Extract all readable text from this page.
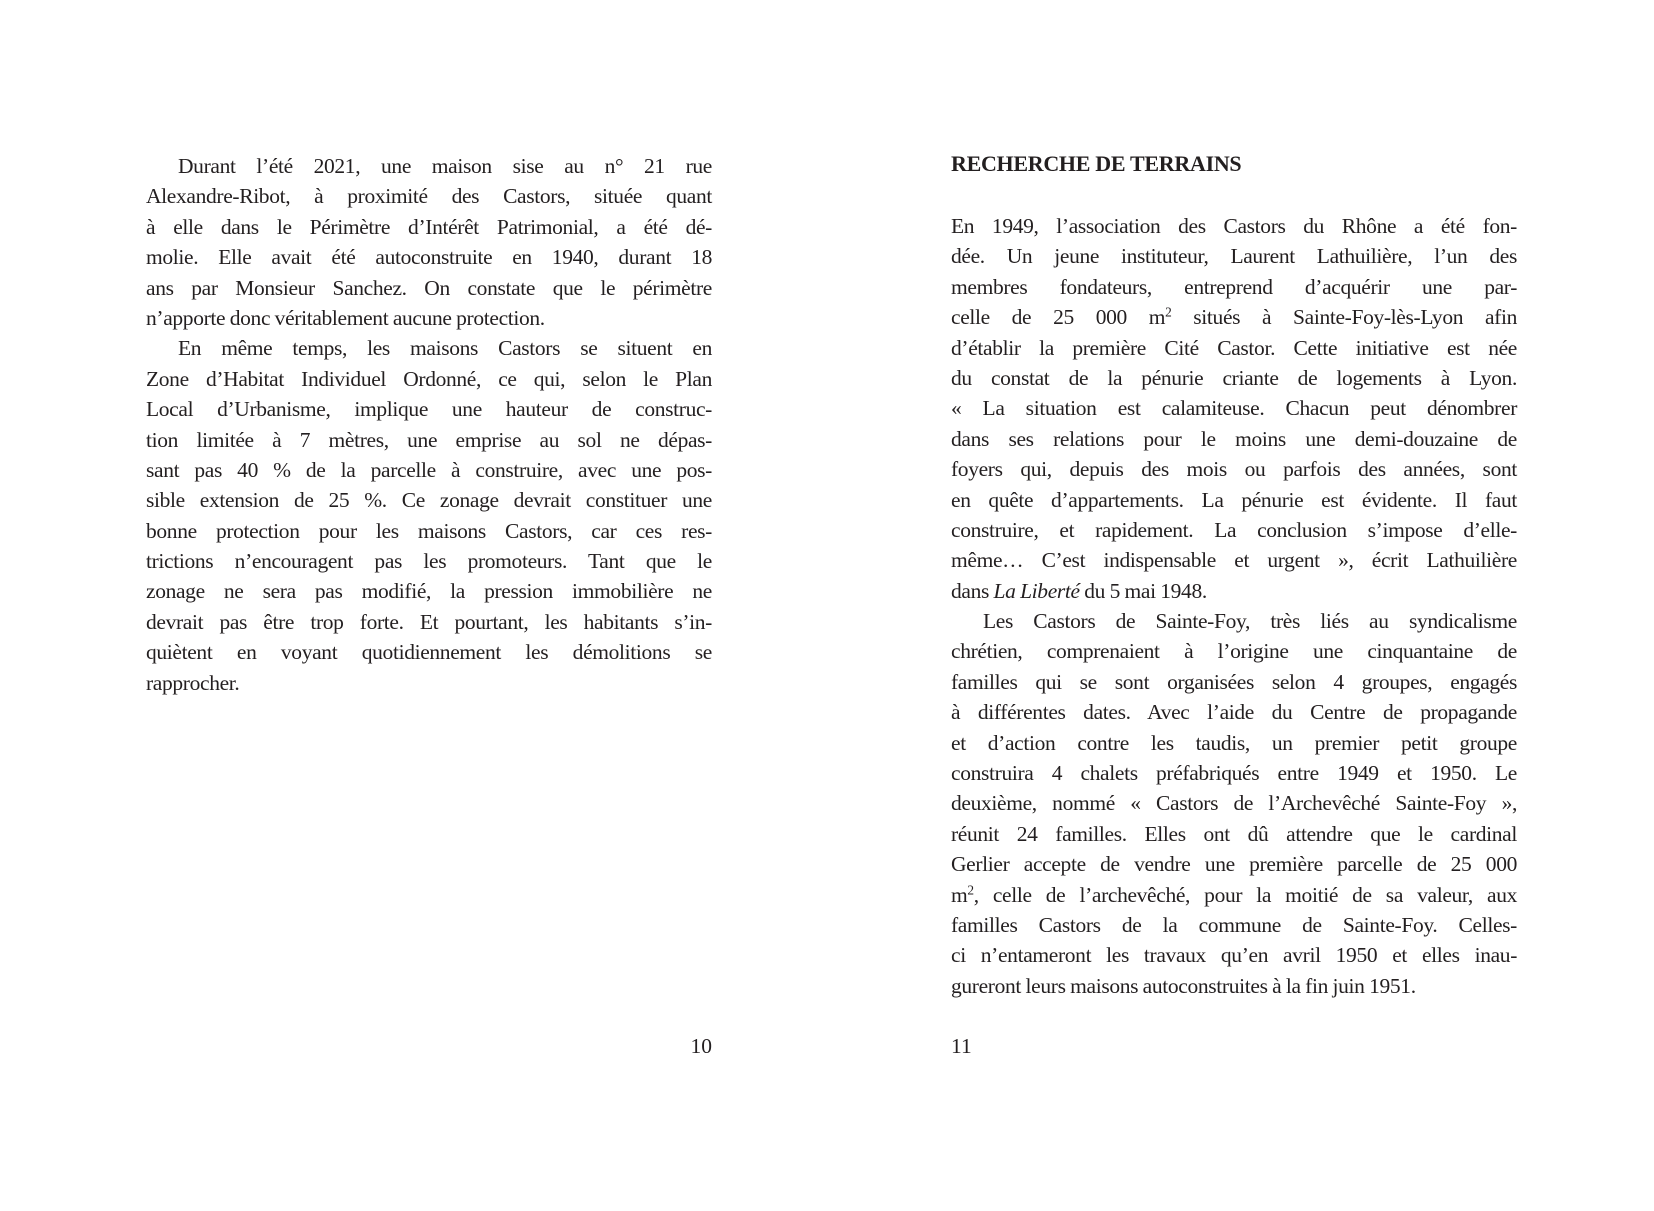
Durant l’été 2021, une maison sise au n° 21 rue
Alexandre-Ribot, à proximité des Castors, située quant
à elle dans le Périmètre d’Intérêt Patrimonial, a été dé-
molie. Elle avait été autoconstruite en 1940, durant 18
ans par Monsieur Sanchez. On constate que le périmètre
n’apporte donc véritablement aucune protection.
En même temps, les maisons Castors se situent en
Zone d’Habitat Individuel Ordonné, ce qui, selon le Plan
Local d’Urbanisme, implique une hauteur de construc-
tion limitée à 7 mètres, une emprise au sol ne dépas-
sant pas 40 % de la parcelle à construire, avec une pos-
sible extension de 25 %. Ce zonage devrait constituer une
bonne protection pour les maisons Castors, car ces res-
trictions n’encouragent pas les promoteurs. Tant que le
zonage ne sera pas modifié, la pression immobilière ne
devrait pas être trop forte. Et pourtant, les habitants s’in-
quiètent en voyant quotidiennement les démolitions se
rapprocher.
10
RECHERCHE DE TERRAINS
En 1949, l’association des Castors du Rhône a été fon-
dée. Un jeune instituteur, Laurent Lathuilière, l’un des
membres fondateurs, entreprend d’acquérir une par-
celle de 25 000 $m^2$ situés à Sainte-Foy-lès-Lyon afin
d’établir la première Cité Castor. Cette initiative est née
du constat de la pénurie criante de logements à Lyon.
« La situation est calamiteuse. Chacun peut dénombrer
dans ses relations pour le moins une demi-douzaine de
foyers qui, depuis des mois ou parfois des années, sont
en quête d’appartements. La pénurie est évidente. Il faut
construire, et rapidement. La conclusion s’impose d’elle-
même… C’est indispensable et urgent », écrit Lathuilière
dans La Liberté du 5 mai 1948.
Les Castors de Sainte-Foy, très liés au syndicalisme
chrétien, comprenaient à l’origine une cinquantaine de
familles qui se sont organisées selon 4 groupes, engagés
à différentes dates. Avec l’aide du Centre de propagande
et d’action contre les taudis, un premier petit groupe
construira 4 chalets préfabriqués entre 1949 et 1950. Le
deuxième, nommé « Castors de l’Archevêché Sainte-Foy »,
réunit 24 familles. Elles ont dû attendre que le cardinal
Gerlier accepte de vendre une première parcelle de 25 000
$m^2$, celle de l’archevêché, pour la moitié de sa valeur, aux
familles Castors de la commune de Sainte-Foy. Celles-
ci n’entameront les travaux qu’en avril 1950 et elles inau-
gureront leurs maisons autoconstruites à la fin juin 1951.
11
